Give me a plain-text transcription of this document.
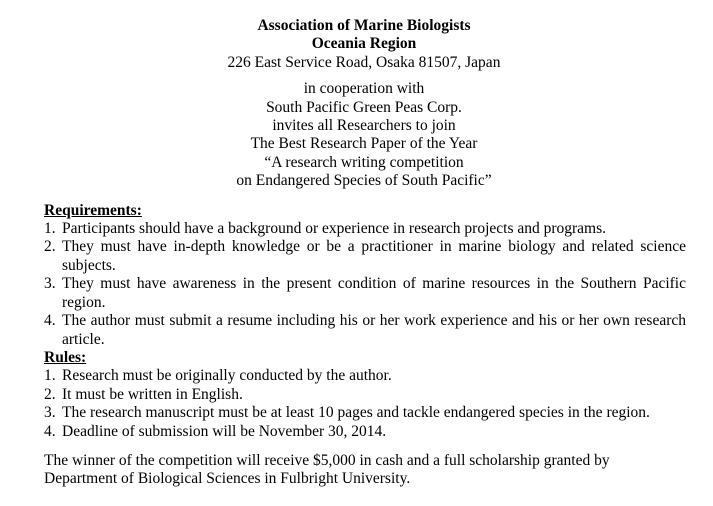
Association of Marine Biologists
Oceania Region
226 East Service Road, Osaka 81507, Japan
in cooperation with
South Pacific Green Peas Corp.
invites all Researchers to join
The Best Research Paper of the Year
“A research writing competition
on Endangered Species of South Pacific”
Requirements:
1. Participants should have a background or experience in research projects and programs.
2. They must have in-depth knowledge or be a practitioner in marine biology and related science subjects.
3. They must have awareness in the present condition of marine resources in the Southern Pacific region.
4. The author must submit a resume including his or her work experience and his or her own research article.
Rules:
1. Research must be originally conducted by the author.
2. It must be written in English.
3. The research manuscript must be at least 10 pages and tackle endangered species in the region.
4. Deadline of submission will be November 30, 2014.
The winner of the competition will receive $5,000 in cash and a full scholarship granted by Department of Biological Sciences in Fulbright University.
